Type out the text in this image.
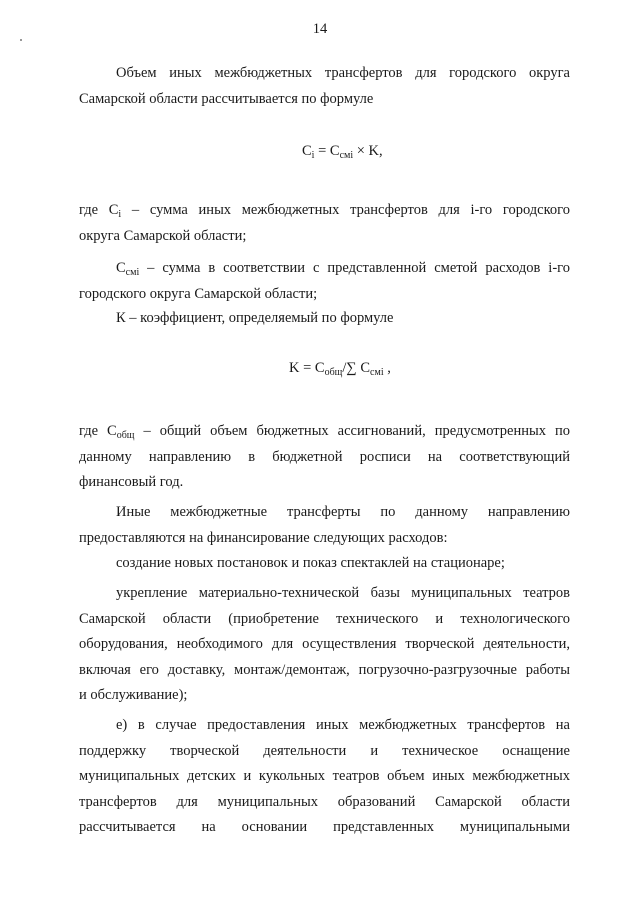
14
Объем иных межбюджетных трансфертов для городского округа
Самарской области рассчитывается по формуле
$C_i = C_{смi} \times K$,
где $C_i$ – сумма иных межбюджетных трансфертов для i-го городского
округа Самарской области;
$C_{смi}$ – сумма в соответствии с представленной сметой расходов i-го
городского округа Самарской области;
К – коэффициент, определяемый по формуле
$K = C_{общ}/\sum$ $C_{смi}$ ,
где $C_{общ}$ – общий объем бюджетных ассигнований, предусмотренных по
данному направлению в бюджетной росписи на соответствующий
финансовый год.
Иные межбюджетные трансферты по данному направлению
предоставляются на финансирование следующих расходов:
создание новых постановок и показ спектаклей на стационаре;
укрепление материально-технической базы муниципальных театров
Самарской области (приобретение технического и технологического
оборудования, необходимого для осуществления творческой деятельности,
включая его доставку, монтаж/демонтаж, погрузочно-разгрузочные работы
и обслуживание);
е) в случае предоставления иных межбюджетных трансфертов на
поддержку творческой деятельности и техническое оснащение
муниципальных детских и кукольных театров объем иных межбюджетных
трансфертов для муниципальных образований Самарской области
рассчитывается на основании представленных муниципальными
